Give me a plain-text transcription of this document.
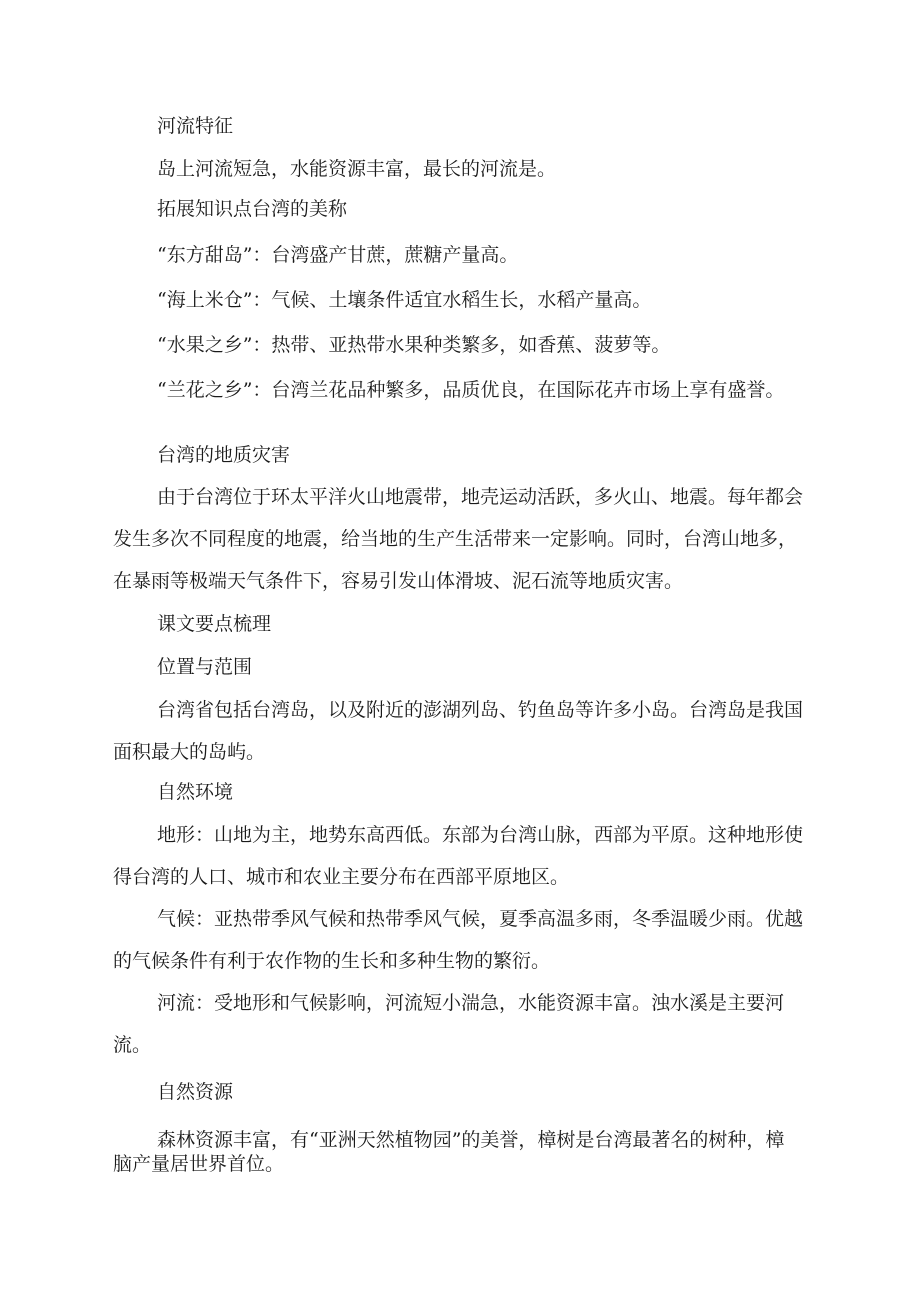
河流特征

岛上河流短急，水能资源丰富，最长的河流是。

拓展知识点台湾的美称

“东方甜岛”：台湾盛产甘蔗，蔗糖产量高。

“海上米仓”：气候、土壤条件适宜水稻生长，水稻产量高。

“水果之乡”：热带、亚热带水果种类繁多，如香蕉、菠萝等。

“兰花之乡”：台湾兰花品种繁多，品质优良，在国际花卉市场上享有盛誉。

台湾的地质灾害

由于台湾位于环太平洋火山地震带，地壳运动活跃，多火山、地震。每年都会发生多次不同程度的地震，给当地的生产生活带来一定影响。同时，台湾山地多，在暴雨等极端天气条件下，容易引发山体滑坡、泥石流等地质灾害。

课文要点梳理

位置与范围

台湾省包括台湾岛，以及附近的澎湖列岛、钓鱼岛等许多小岛。台湾岛是我国面积最大的岛屿。

自然环境

地形：山地为主，地势东高西低。东部为台湾山脉，西部为平原。这种地形使得台湾的人口、城市和农业主要分布在西部平原地区。

气候：亚热带季风气候和热带季风气候，夏季高温多雨，冬季温暖少雨。优越的气候条件有利于农作物的生长和多种生物的繁衍。

河流：受地形和气候影响，河流短小湍急，水能资源丰富。浊水溪是主要河流。

自然资源

森林资源丰富，有“亚洲天然植物园”的美誉，樟树是台湾最著名的树种，樟脑产量居世界首位。
